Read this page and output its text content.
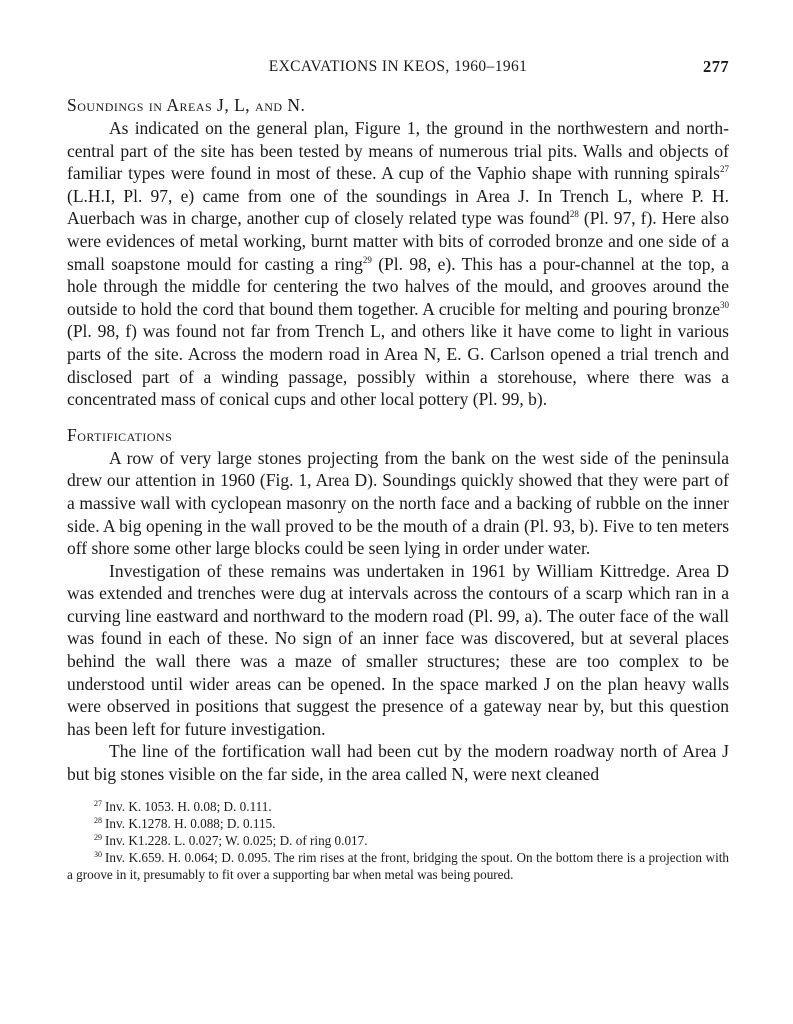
EXCAVATIONS IN KEOS, 1960–1961	277
Soundings in Areas J, L, and N.

As indicated on the general plan, Figure 1, the ground in the northwestern and north-central part of the site has been tested by means of numerous trial pits. Walls and objects of familiar types were found in most of these. A cup of the Vaphio shape with running spirals$^{27}$ (L.H.I, Pl. 97, e) came from one of the soundings in Area J. In Trench L, where P. H. Auerbach was in charge, another cup of closely related type was found$^{28}$ (Pl. 97, f). Here also were evidences of metal working, burnt matter with bits of corroded bronze and one side of a small soapstone mould for casting a ring$^{29}$ (Pl. 98, e). This has a pour-channel at the top, a hole through the middle for centering the two halves of the mould, and grooves around the outside to hold the cord that bound them together. A crucible for melting and pouring bronze$^{30}$ (Pl. 98, f) was found not far from Trench L, and others like it have come to light in various parts of the site. Across the modern road in Area N, E. G. Carlson opened a trial trench and disclosed part of a winding passage, possibly within a storehouse, where there was a concentrated mass of conical cups and other local pottery (Pl. 99, b).

Fortifications

A row of very large stones projecting from the bank on the west side of the peninsula drew our attention in 1960 (Fig. 1, Area D). Soundings quickly showed that they were part of a massive wall with cyclopean masonry on the north face and a backing of rubble on the inner side. A big opening in the wall proved to be the mouth of a drain (Pl. 93, b). Five to ten meters off shore some other large blocks could be seen lying in order under water.

Investigation of these remains was undertaken in 1961 by William Kittredge. Area D was extended and trenches were dug at intervals across the contours of a scarp which ran in a curving line eastward and northward to the modern road (Pl. 99, a). The outer face of the wall was found in each of these. No sign of an inner face was discovered, but at several places behind the wall there was a maze of smaller structures; these are too complex to be understood until wider areas can be opened. In the space marked J on the plan heavy walls were observed in positions that suggest the presence of a gateway near by, but this question has been left for future investigation.

The line of the fortification wall had been cut by the modern roadway north of Area J but big stones visible on the far side, in the area called N, were next cleaned

$^{27}$ Inv. K. 1053. H. 0.08; D. 0.111.
$^{28}$ Inv. K.1278. H. 0.088; D. 0.115.
$^{29}$ Inv. K1.228. L. 0.027; W. 0.025; D. of ring 0.017.
$^{30}$ Inv. K.659. H. 0.064; D. 0.095. The rim rises at the front, bridging the spout. On the bottom there is a projection with a groove in it, presumably to fit over a supporting bar when metal was being poured.
